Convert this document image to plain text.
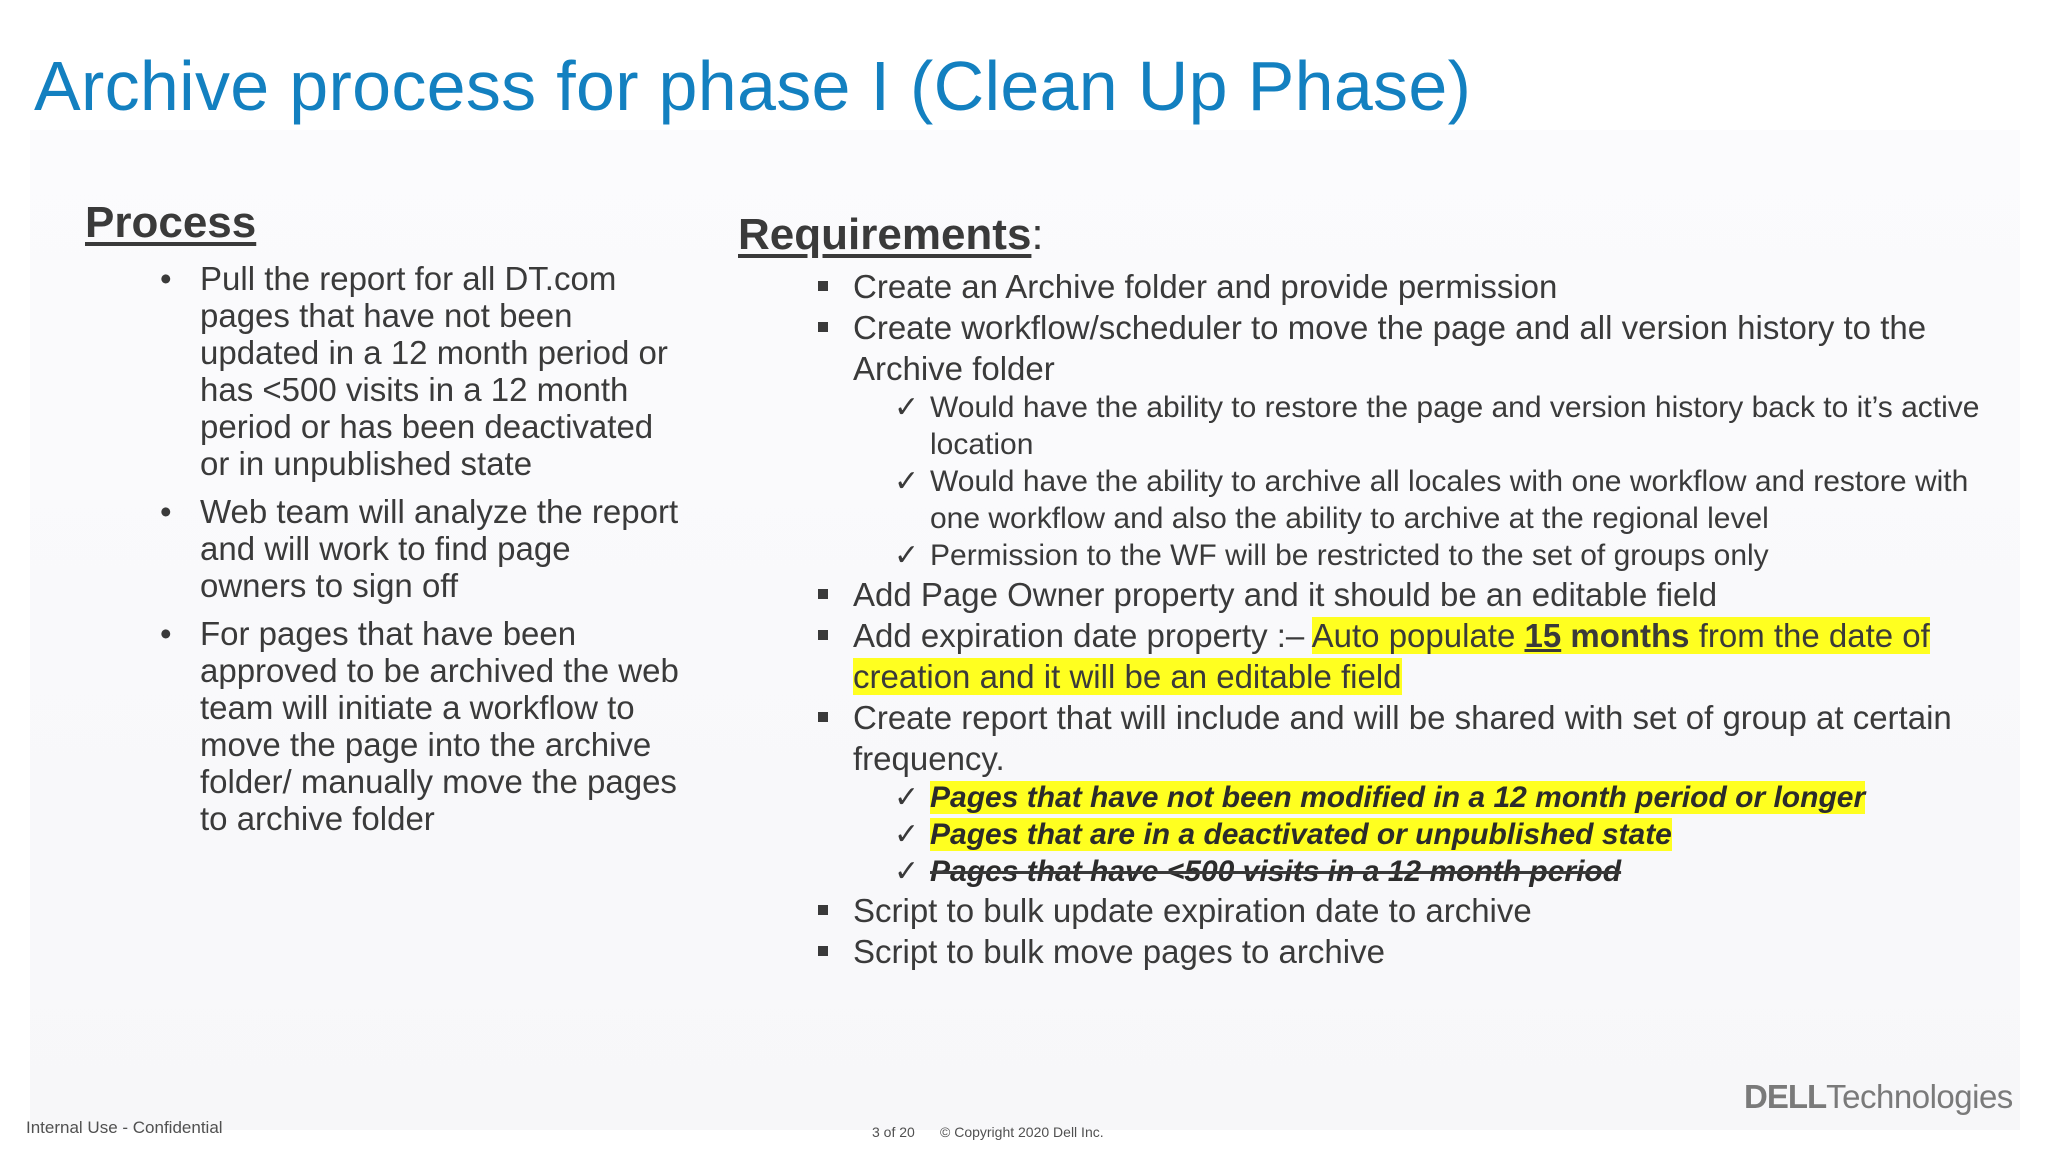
Archive process for phase I (Clean Up Phase)
Process
• Pull the report for all DT.com pages that have not been updated in a 12 month period or has <500 visits in a 12 month period or has been deactivated or in unpublished state
• Web team will analyze the report and will work to find page owners to sign off
• For pages that have been approved to be archived the web team will initiate a workflow to move the page into the archive folder/ manually move the pages to archive folder
Requirements:
Create an Archive folder and provide permission
Create workflow/scheduler to move the page and all version history to the Archive folder
✓ Would have the ability to restore the page and version history back to it’s active location
✓ Would have the ability to archive all locales with one workflow and restore with one workflow and also the ability to archive at the regional level
✓ Permission to the WF will be restricted to the set of groups only
Add Page Owner property and it should be an editable field
Add expiration date property :– Auto populate 15 months from the date of creation and it will be an editable field
Create report that will include and will be shared with set of group at certain frequency.
✓ Pages that have not been modified in a 12 month period or longer
✓ Pages that are in a deactivated or unpublished state
✓ Pages that have <500 visits in a 12 month period
Script to bulk update expiration date to archive
Script to bulk move pages to archive
Internal Use - Confidential	3 of 20 © Copyright 2020 Dell Inc.
DELLTechnologies
